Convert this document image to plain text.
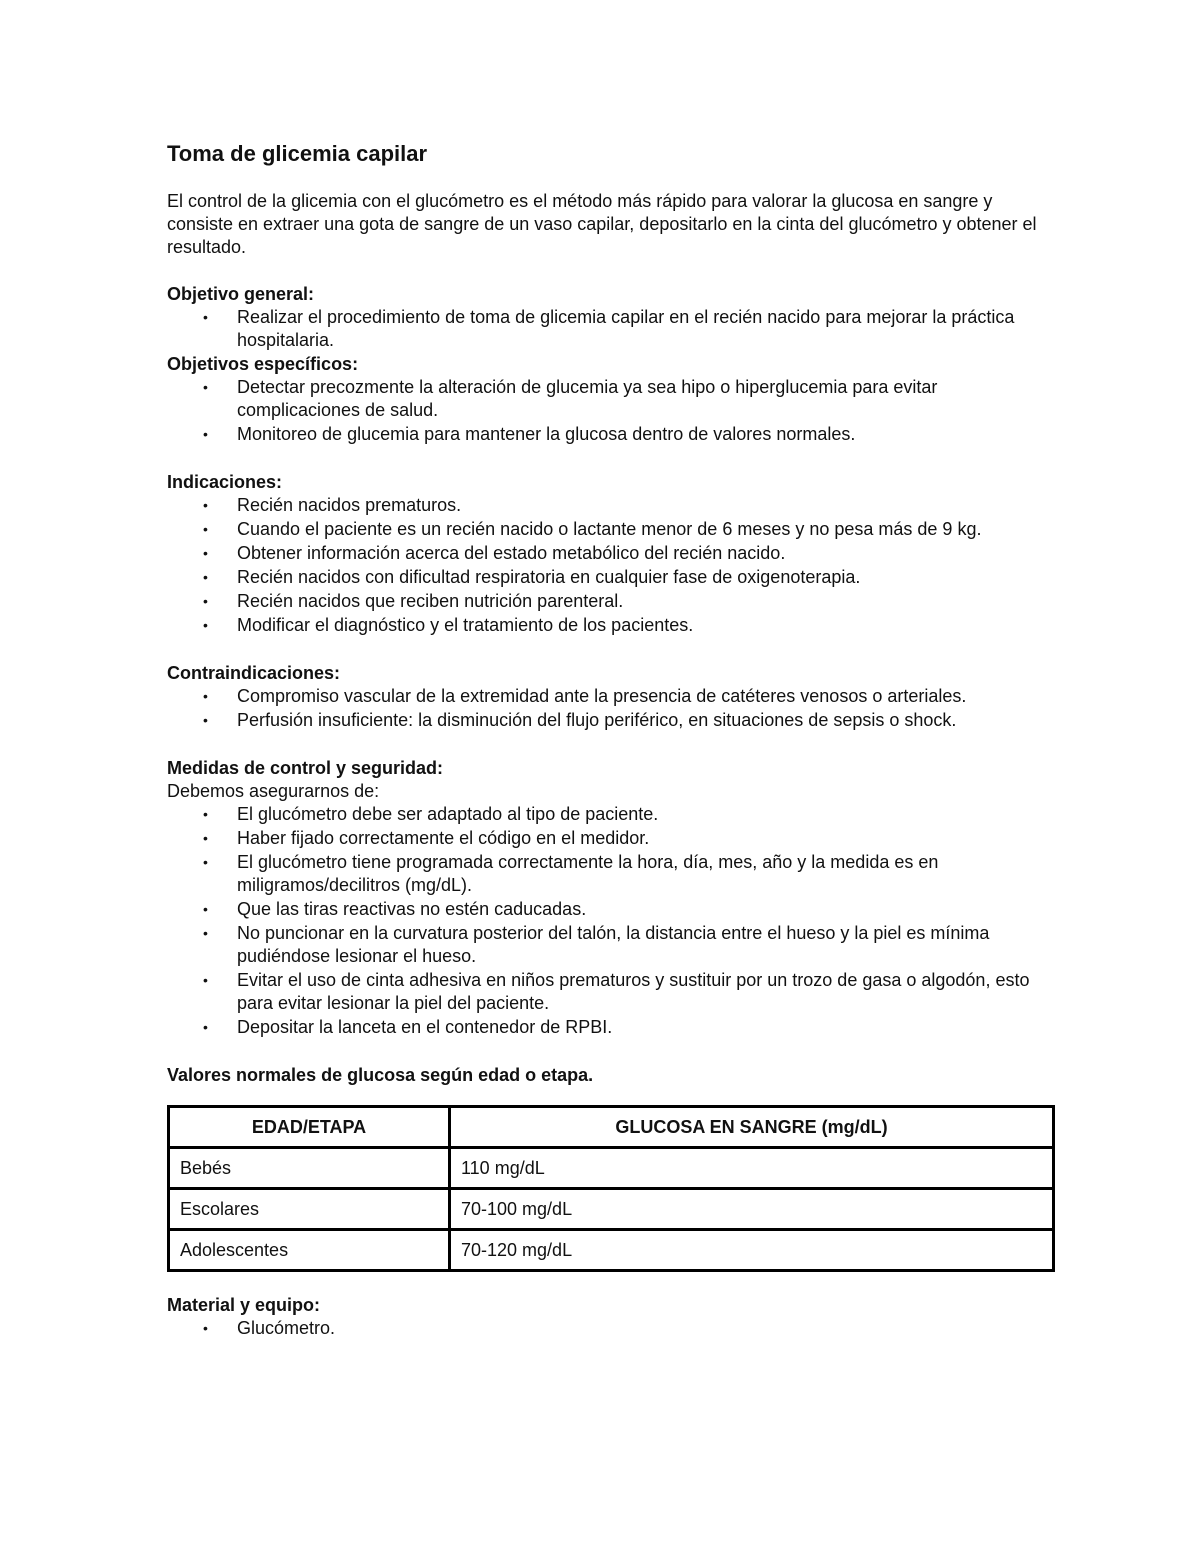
Toma de glicemia capilar

El control de la glicemia con el glucómetro es el método más rápido para valorar la glucosa en sangre y consiste en extraer una gota de sangre de un vaso capilar, depositarlo en la cinta del glucómetro y obtener el resultado.

Objetivo general:

• Realizar el procedimiento de toma de glicemia capilar en el recién nacido para mejorar la práctica hospitalaria.

Objetivos específicos:

• Detectar precozmente la alteración de glucemia ya sea hipo o hiperglucemia para evitar complicaciones de salud.
• Monitoreo de glucemia para mantener la glucosa dentro de valores normales.

Indicaciones:

• Recién nacidos prematuros.
• Cuando el paciente es un recién nacido o lactante menor de 6 meses y no pesa más de 9 kg.
• Obtener información acerca del estado metabólico del recién nacido.
• Recién nacidos con dificultad respiratoria en cualquier fase de oxigenoterapia.
• Recién nacidos que reciben nutrición parenteral.
• Modificar el diagnóstico y el tratamiento de los pacientes.

Contraindicaciones:

• Compromiso vascular de la extremidad ante la presencia de catéteres venosos o arteriales.
• Perfusión insuficiente: la disminución del flujo periférico, en situaciones de sepsis o shock.

Medidas de control y seguridad:

Debemos asegurarnos de:

• El glucómetro debe ser adaptado al tipo de paciente.
• Haber fijado correctamente el código en el medidor.
• El glucómetro tiene programada correctamente la hora, día, mes, año y la medida es en miligramos/decilitros (mg/dL).
• Que las tiras reactivas no estén caducadas.
• No puncionar en la curvatura posterior del talón, la distancia entre el hueso y la piel es mínima pudiéndose lesionar el hueso.
• Evitar el uso de cinta adhesiva en niños prematuros y sustituir por un trozo de gasa o algodón, esto para evitar lesionar la piel del paciente.
• Depositar la lanceta en el contenedor de RPBI.

Valores normales de glucosa según edad o etapa.

EDAD/ETAPA	GLUCOSA EN SANGRE (mg/dL)
Bebés	110 mg/dL
Escolares	70-100 mg/dL
Adolescentes	70-120 mg/dL

Material y equipo:

• Glucómetro.
